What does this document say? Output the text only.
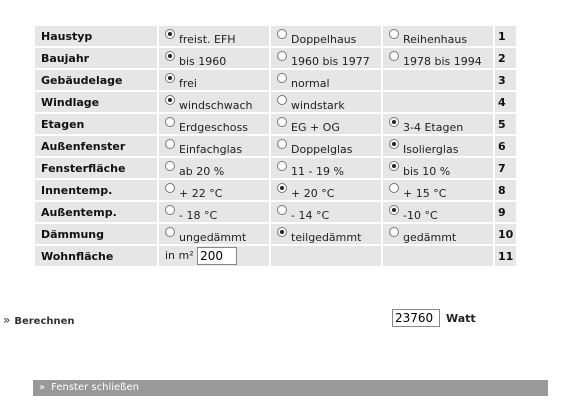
Haustyp	freist. EFH	Doppelhaus	Reihenhaus	1
Baujahr	bis 1960	1960 bis 1977	1978 bis 1994	2
Gebäudelage	frei	normal		3
Windlage	windschwach	windstark		4
Etagen	Erdgeschoss	EG + OG	3-4 Etagen	5
Außenfenster	Einfachglas	Doppelglas	Isolierglas	6
Fensterfläche	ab 20 %	11 - 19 %	bis 10 %	7
Innentemp.	+ 22 °C	+ 20 °C	+ 15 °C	8
Außentemp.	- 18 °C	- 14 °C	-10 °C	9
Dämmung	ungedämmt	teilgedämmt	gedämmt	10
Wohnfläche	in m² 200			11
» Berechnen
23760	Watt
» Fenster schließen
